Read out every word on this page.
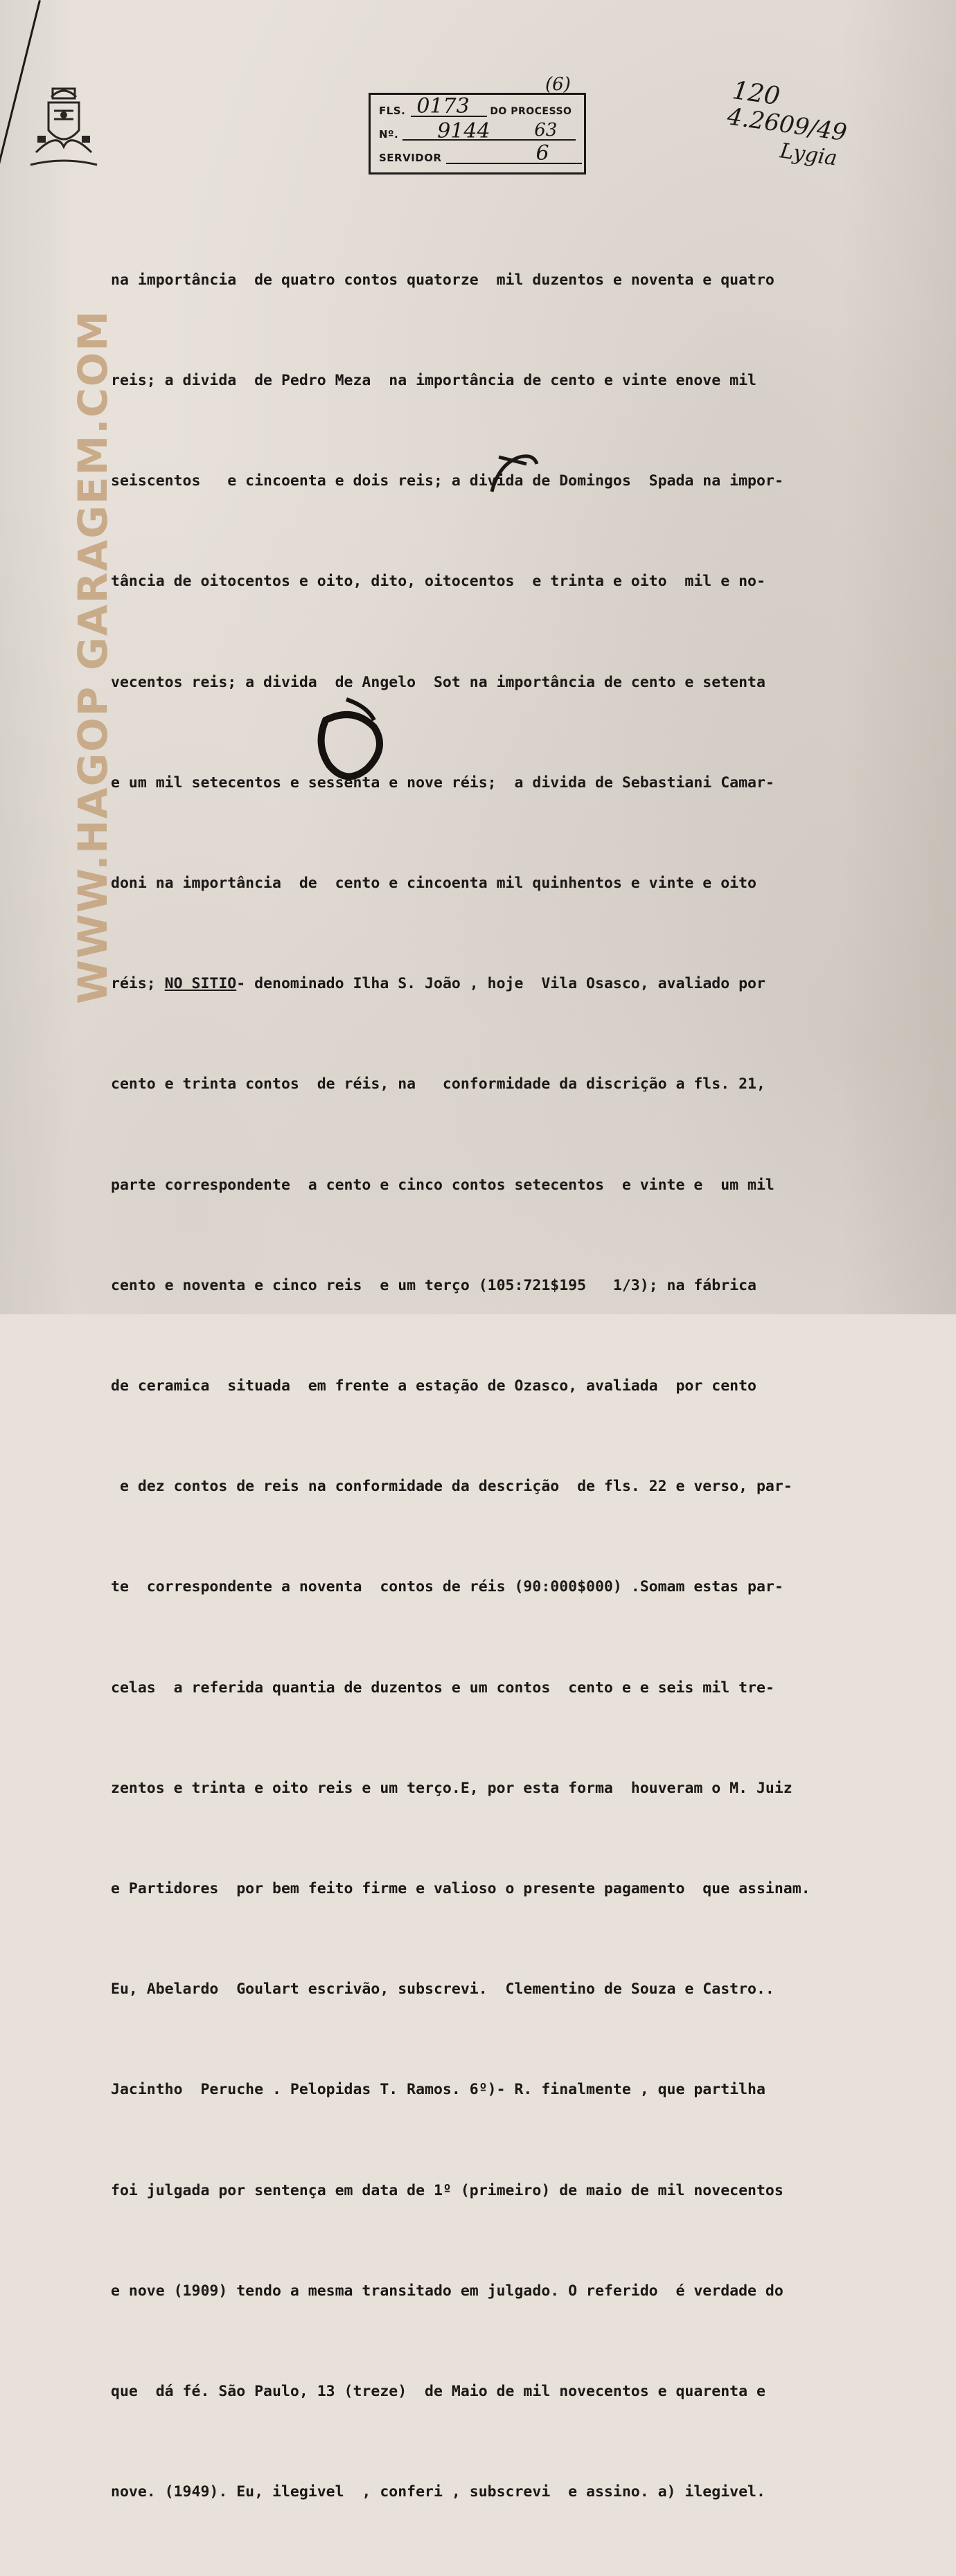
WWW.HAGOP GARAGEM.COM
(6)
FLS. 0173 DO PROCESSO
Nº. 9144 63
SERVIDOR	6
120
4.2609/49
Lygia

na importância  de quatro contos quatorze  mil duzentos e noventa e quatro

reis; a divida  de Pedro Meza  na importância de cento e vinte enove mil

seiscentos   e cincoenta e dois reis; a divida de Domingos  Spada na impor-

tância de oitocentos e oito, dito, oitocentos  e trinta e oito  mil e no-

vecentos reis; a divida  de Angelo  Sot na importância de cento e setenta

e um mil setecentos e sessenta e nove réis;  a divida de Sebastiani Camar-

doni na importância  de  cento e cincoenta mil quinhentos e vinte e oito

réis; NO SITIO- denominado Ilha S. João , hoje  Vila Osasco, avaliado por

cento e trinta contos  de réis, na   conformidade da discrição a fls. 21,

parte correspondente  a cento e cinco contos setecentos  e vinte e  um mil

cento e noventa e cinco reis  e um terço (105:721$195   1/3); na fábrica

de ceramica  situada  em frente a estação de Ozasco, avaliada  por cento

e dez contos de reis na conformidade da descrição  de fls. 22 e verso, par-

te  correspondente a noventa  contos de réis (90:000$000) .Somam estas par-

celas  a referida quantia de duzentos e um contos  cento e e seis mil tre-

zentos e trinta e oito reis e um terço.E, por esta forma  houveram o M. Juiz

e Partidores  por bem feito firme e valioso o presente pagamento  que assinam.

Eu, Abelardo  Goulart escrivão, subscrevi.  Clementino de Souza e Castro..

Jacintho  Peruche . Pelopidas T. Ramos. 6º)- R. finalmente , que partilha

foi julgada por sentença em data de 1º (primeiro) de maio de mil novecentos

e nove (1909) tendo a mesma transitado em julgado. O referido  é verdade do

que  dá fé. São Paulo, 13 (treze)  de Maio de mil novecentos e quarenta e

nove. (1949). Eu, ilegivel  , conferi , subscrevi  e assino. a) ilegivel.
